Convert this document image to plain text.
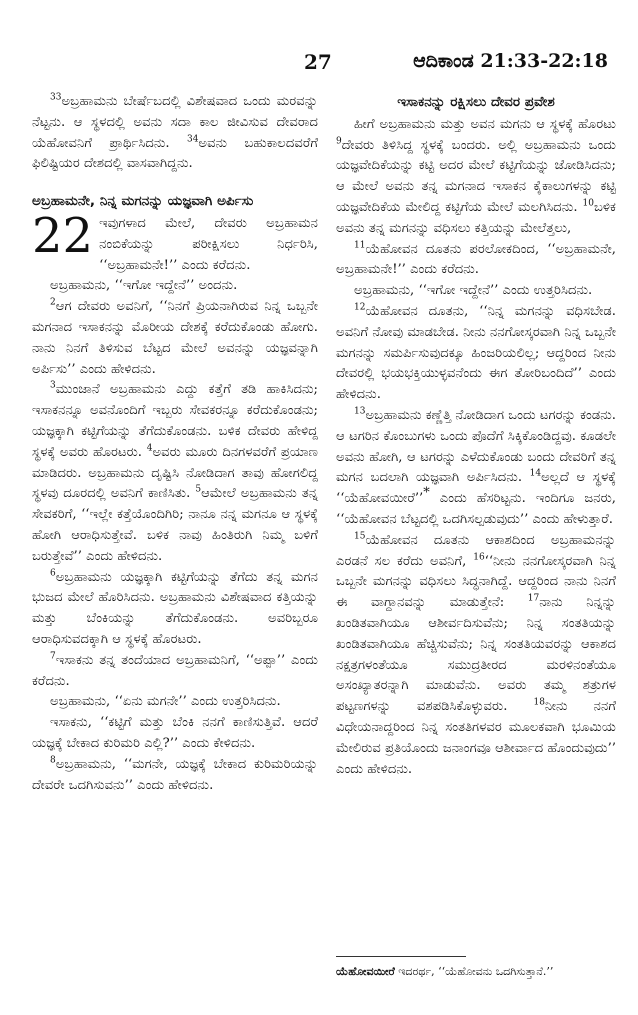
27	ಆದಿಕಾಂಡ 21:33-22:18

$^{33}$ಅಬ್ರಹಾಮನು ಬೇರ್ಷೆಬದಲ್ಲಿ ವಿಶೇಷವಾದ ಒಂದು ಮರವನ್ನು ನೆಟ್ಟನು. ಆ ಸ್ಥಳದಲ್ಲಿ ಅವನು ಸದಾ ಕಾಲ ಜೀವಿಸುವ ದೇವರಾದ ಯೆಹೋವನಿಗೆ ಪ್ರಾರ್ಥಿಸಿದನು. $^{34}$ಅವನು ಬಹುಕಾಲದವರೆಗೆ ಫಿಲಿಷ್ಟಿಯರ ದೇಶದಲ್ಲಿ ವಾಸವಾಗಿದ್ದನು.

ಅಬ್ರಹಾಮನೇ, ನಿನ್ನ ಮಗನನ್ನು ಯಜ್ಞವಾಗಿ ಅರ್ಪಿಸು

22 ಇವುಗಳಾದ ಮೇಲೆ, ದೇವರು ಅಬ್ರಹಾಮನ ನಂಬಿಕೆಯನ್ನು ಪರೀಕ್ಷಿಸಲು ನಿರ್ಧರಿಸಿ, ‘‘ಅಬ್ರಹಾಮನೇ!’’ ಎಂದು ಕರೆದನು.

ಅಬ್ರಹಾಮನು, ‘‘ಇಗೋ ಇದ್ದೇನೆ’’ ಅಂದನು.

$^2$ಆಗ ದೇವರು ಅವನಿಗೆ, ‘‘ನಿನಗೆ ಪ್ರಿಯನಾಗಿರುವ ನಿನ್ನ ಒಬ್ಬನೇ ಮಗನಾದ ಇಸಾಕನನ್ನು ಮೊರೀಯ ದೇಶಕ್ಕೆ ಕರೆದುಕೊಂಡು ಹೋಗು. ನಾನು ನಿನಗೆ ತಿಳಿಸುವ ಬೆಟ್ಟದ ಮೇಲೆ ಅವನನ್ನು ಯಜ್ಞವನ್ನಾಗಿ ಅರ್ಪಿಸು’’ ಎಂದು ಹೇಳಿದನು.

$^3$ಮುಂಜಾನೆ ಅಬ್ರಹಾಮನು ಎದ್ದು ಕತ್ತೆಗೆ ತಡಿ ಹಾಕಿಸಿದನು; ಇಸಾಕನನ್ನೂ ಅವನೊಂದಿಗೆ ಇಬ್ಬರು ಸೇವಕರನ್ನೂ ಕರೆದುಕೊಂಡನು; ಯಜ್ಞಕ್ಕಾಗಿ ಕಟ್ಟಿಗೆಯನ್ನು ತೆಗೆದುಕೊಂಡನು. ಬಳಿಕ ದೇವರು ಹೇಳಿದ್ದ ಸ್ಥಳಕ್ಕೆ ಅವರು ಹೊರಟರು. $^4$ಅವರು ಮೂರು ದಿನಗಳವರೆಗೆ ಪ್ರಯಾಣ ಮಾಡಿದರು. ಅಬ್ರಹಾಮನು ದೃಷ್ಟಿಸಿ ನೋಡಿದಾಗ ತಾವು ಹೋಗಲಿದ್ದ ಸ್ಥಳವು ದೂರದಲ್ಲಿ ಅವನಿಗೆ ಕಾಣಿಸಿತು. $^5$ಆಮೇಲೆ ಅಬ್ರಹಾಮನು ತನ್ನ ಸೇವಕರಿಗೆ, ‘‘ಇಲ್ಲೇ ಕತ್ತೆಯೊಂದಿಗಿರಿ; ನಾನೂ ನನ್ನ ಮಗನೂ ಆ ಸ್ಥಳಕ್ಕೆ ಹೋಗಿ ಆರಾಧಿಸುತ್ತೇವೆ. ಬಳಿಕ ನಾವು ಹಿಂತಿರುಗಿ ನಿಮ್ಮ ಬಳಿಗೆ ಬರುತ್ತೇವೆ’’ ಎಂದು ಹೇಳಿದನು.

$^6$ಅಬ್ರಹಾಮನು ಯಜ್ಞಕ್ಕಾಗಿ ಕಟ್ಟಿಗೆಯನ್ನು ತೆಗೆದು ತನ್ನ ಮಗನ ಭುಜದ ಮೇಲೆ ಹೊರಿಸಿದನು. ಅಬ್ರಹಾಮನು ವಿಶೇಷವಾದ ಕತ್ತಿಯನ್ನು ಮತ್ತು ಬೆಂಕಿಯನ್ನು ತೆಗೆದುಕೊಂಡನು. ಅವರಿಬ್ಬರೂ ಆರಾಧಿಸುವದಕ್ಕಾಗಿ ಆ ಸ್ಥಳಕ್ಕೆ ಹೊರಟರು.

$^7$ಇಸಾಕನು ತನ್ನ ತಂದೆಯಾದ ಅಬ್ರಹಾಮನಿಗೆ, ‘‘ಅಪ್ಪಾ’’ ಎಂದು ಕರೆದನು.

ಅಬ್ರಹಾಮನು, ‘‘ಏನು ಮಗನೇ’’ ಎಂದು ಉತ್ತರಿಸಿದನು.

ಇಸಾಕನು, ‘‘ಕಟ್ಟಿಗೆ ಮತ್ತು ಬೆಂಕಿ ನನಗೆ ಕಾಣಿಸುತ್ತಿವೆ. ಆದರೆ ಯಜ್ಞಕ್ಕೆ ಬೇಕಾದ ಕುರಿಮರಿ ಎಲ್ಲಿ?’’ ಎಂದು ಕೇಳಿದನು.

$^8$ಅಬ್ರಹಾಮನು, ‘‘ಮಗನೇ, ಯಜ್ಞಕ್ಕೆ ಬೇಕಾದ ಕುರಿಮರಿಯನ್ನು ದೇವರೇ ಒದಗಿಸುವನು’’ ಎಂದು ಹೇಳಿದನು.

ಇಸಾಕನನ್ನು ರಕ್ಷಿಸಲು ದೇವರ ಪ್ರವೇಶ

ಹೀಗೆ ಅಬ್ರಹಾಮನು ಮತ್ತು ಅವನ ಮಗನು ಆ ಸ್ಥಳಕ್ಕೆ ಹೊರಟು $^9$ದೇವರು ತಿಳಿಸಿದ್ದ ಸ್ಥಳಕ್ಕೆ ಬಂದರು. ಅಲ್ಲಿ ಅಬ್ರಹಾಮನು ಒಂದು ಯಜ್ಞವೇದಿಕೆಯನ್ನು ಕಟ್ಟಿ ಅದರ ಮೇಲೆ ಕಟ್ಟಿಗೆಯನ್ನು ಜೋಡಿಸಿದನು; ಆ ಮೇಲೆ ಅವನು ತನ್ನ ಮಗನಾದ ಇಸಾಕನ ಕೈಕಾಲುಗಳನ್ನು ಕಟ್ಟಿ ಯಜ್ಞವೇದಿಕೆಯ ಮೇಲಿದ್ದ ಕಟ್ಟಿಗೆಯ ಮೇಲೆ ಮಲಗಿಸಿದನು. $^{10}$ಬಳಿಕ ಅವನು ತನ್ನ ಮಗನನ್ನು ವಧಿಸಲು ಕತ್ತಿಯನ್ನು ಮೇಲೆತ್ತಲು,

$^{11}$ಯೆಹೋವನ ದೂತನು ಪರಲೋಕದಿಂದ, ‘‘ಅಬ್ರಹಾಮನೇ, ಅಬ್ರಹಾಮನೇ!’’ ಎಂದು ಕರೆದನು.

ಅಬ್ರಹಾಮನು, ‘‘ಇಗೋ ಇದ್ದೇನೆ’’ ಎಂದು ಉತ್ತರಿಸಿದನು.

$^{12}$ಯೆಹೋವನ ದೂತನು, ‘‘ನಿನ್ನ ಮಗನನ್ನು ವಧಿಸಬೇಡ. ಅವನಿಗೆ ನೋವು ಮಾಡಬೇಡ. ನೀನು ನನಗೋಸ್ಕರವಾಗಿ ನಿನ್ನ ಒಬ್ಬನೇ ಮಗನನ್ನು ಸಮರ್ಪಿಸುವುದಕ್ಕೂ ಹಿಂಜರಿಯಲಿಲ್ಲ; ಆದ್ದರಿಂದ ನೀನು ದೇವರಲ್ಲಿ ಭಯಭಕ್ತಿಯುಳ್ಳವನೆಂದು ಈಗ ತೋರಿಬಂದಿದೆ’’ ಎಂದು ಹೇಳಿದನು.

$^{13}$ಅಬ್ರಹಾಮನು ಕಣ್ಣೆತ್ತಿ ನೋಡಿದಾಗ ಒಂದು ಟಗರನ್ನು ಕಂಡನು. ಆ ಟಗರಿನ ಕೊಂಬುಗಳು ಒಂದು ಪೊದೆಗೆ ಸಿಕ್ಕಿಕೊಂಡಿದ್ದವು. ಕೂಡಲೇ ಅವನು ಹೋಗಿ, ಆ ಟಗರನ್ನು ಎಳೆದುಕೊಂಡು ಬಂದು ದೇವರಿಗೆ ತನ್ನ ಮಗನ ಬದಲಾಗಿ ಯಜ್ಞವಾಗಿ ಅರ್ಪಿಸಿದನು. $^{14}$ಅಲ್ಲದೆ ಆ ಸ್ಥಳಕ್ಕೆ ‘‘ಯೆಹೋವಯೀರೆ’’* ಎಂದು ಹೆಸರಿಟ್ಟನು. ಇಂದಿಗೂ ಜನರು, ‘‘ಯೆಹೋವನ ಬೆಟ್ಟದಲ್ಲಿ ಒದಗಿಸಲ್ಪಡುವುದು’’ ಎಂದು ಹೇಳುತ್ತಾರೆ.

$^{15}$ಯೆಹೋವನ ದೂತನು ಆಕಾಶದಿಂದ ಅಬ್ರಹಾಮನನ್ನು ಎರಡನೆ ಸಲ ಕರೆದು ಅವನಿಗೆ, $^{16}$‘‘ನೀನು ನನಗೋಸ್ಕರವಾಗಿ ನಿನ್ನ ಒಬ್ಬನೇ ಮಗನನ್ನು ವಧಿಸಲು ಸಿದ್ಧನಾಗಿದ್ದೆ. ಆದ್ದರಿಂದ ನಾನು ನಿನಗೆ ಈ ವಾಗ್ದಾನವನ್ನು ಮಾಡುತ್ತೇನೆ: $^{17}$ನಾನು ನಿನ್ನನ್ನು ಖಂಡಿತವಾಗಿಯೂ ಆಶೀರ್ವದಿಸುವೆನು; ನಿನ್ನ ಸಂತತಿಯನ್ನು ಖಂಡಿತವಾಗಿಯೂ ಹೆಚ್ಚಿಸುವೆನು; ನಿನ್ನ ಸಂತತಿಯವರನ್ನು ಆಕಾಶದ ನಕ್ಷತ್ರಗಳಂತೆಯೂ ಸಮುದ್ರತೀರದ ಮರಳಿನಂತೆಯೂ ಅಸಂಖ್ಯಾತರನ್ನಾಗಿ ಮಾಡುವೆನು. ಅವರು ತಮ್ಮ ಶತ್ರುಗಳ ಪಟ್ಟಣಗಳನ್ನು ವಶಪಡಿಸಿಕೊಳ್ಳುವರು. $^{18}$ನೀನು ನನಗೆ ವಿಧೇಯನಾದ್ದರಿಂದ ನಿನ್ನ ಸಂತತಿಗಳವರ ಮೂಲಕವಾಗಿ ಭೂಮಿಯ ಮೇಲಿರುವ ಪ್ರತಿಯೊಂದು ಜನಾಂಗವೂ ಆಶೀರ್ವಾದ ಹೊಂದುವುದು’’ ಎಂದು ಹೇಳಿದನು.

ಯೆಹೋವಯೀರೆ ಇದರರ್ಥ, ‘‘ಯೆಹೋವನು ಒದಗಿಸುತ್ತಾನೆ.’’
